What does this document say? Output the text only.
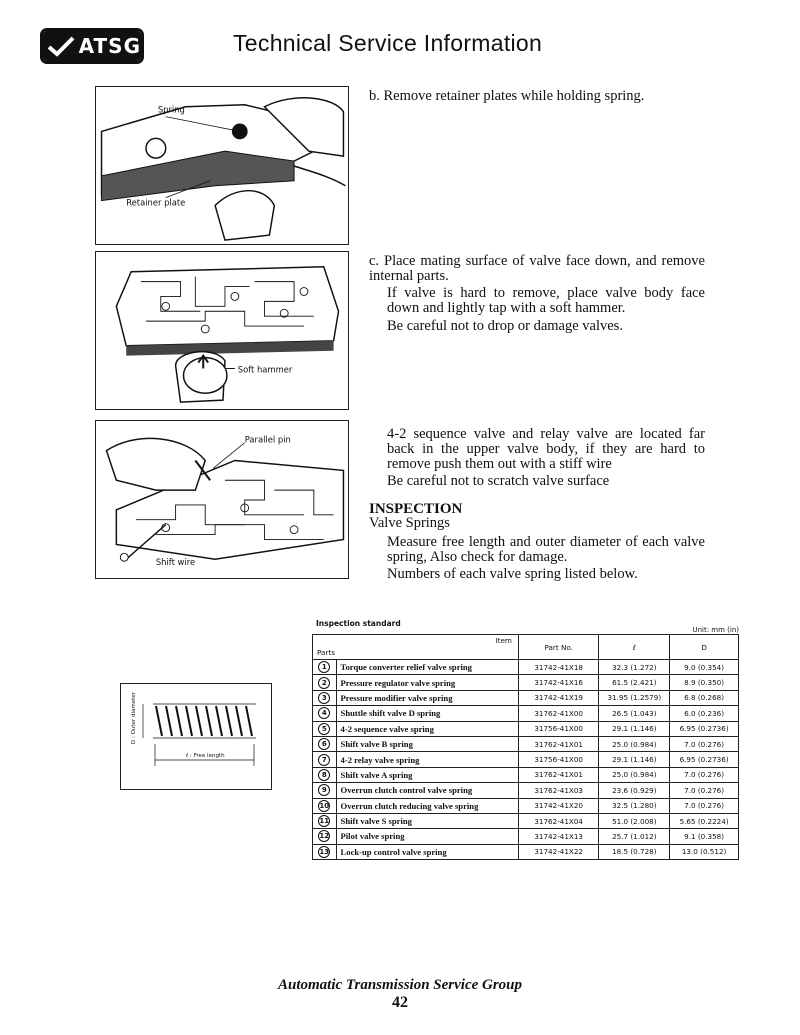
ATSG	Technical Service Information
Spring
Retainer plate
Soft hammer
Parallel pin
Shift wire
b. Remove retainer plates while holding spring.
c. Place mating surface of valve face down, and remove internal parts.
If valve is hard to remove, place valve body face down and lightly tap with a soft hammer.
Be careful not to drop or damage valves.
4-2 sequence valve and relay valve are located far back in the upper valve body, if they are hard to remove push them out with a stiff wire
Be careful not to scratch valve surface
INSPECTION
Valve Springs
Measure free length and outer diameter of each valve spring, Also check for damage.
Numbers of each valve spring listed below.
D : Outer diameter
ℓ : Free length
Inspection standard
Unit: mm (in)
Item
Parts		Part No.	ℓ	D
1	Torque converter relief valve spring	31742-41X18	32.3 (1.272)	9.0 (0.354)
2	Pressure regulator valve spring	31742-41X16	61.5 (2.421)	8.9 (0.350)
3	Pressure modifier valve spring	31742-41X19	31.95 (1.2579)	6.8 (0.268)
4	Shuttle shift valve D spring	31762-41X00	26.5 (1.043)	6.0 (0.236)
5	4-2 sequence valve spring	31756-41X00	29.1 (1.146)	6.95 (0.2736)
6	Shift valve B spring	31762-41X01	25.0 (0.984)	7.0 (0.276)
7	4-2 relay valve spring	31756-41X00	29.1 (1.146)	6.95 (0.2736)
8	Shift valve A spring	31762-41X01	25.0 (0.984)	7.0 (0.276)
9	Overrun clutch control valve spring	31762-41X03	23.6 (0.929)	7.0 (0.276)
10	Overrun clutch reducing valve spring	31742-41X20	32.5 (1.280)	7.0 (0.276)
11	Shift valve S spring	31762-41X04	51.0 (2.008)	5.65 (0.2224)
12	Pilot valve spring	31742-41X13	25.7 (1.012)	9.1 (0.358)
13	Lock-up control valve spring	31742-41X22	18.5 (0.728)	13.0 (0.512)
Automatic Transmission Service Group
42
